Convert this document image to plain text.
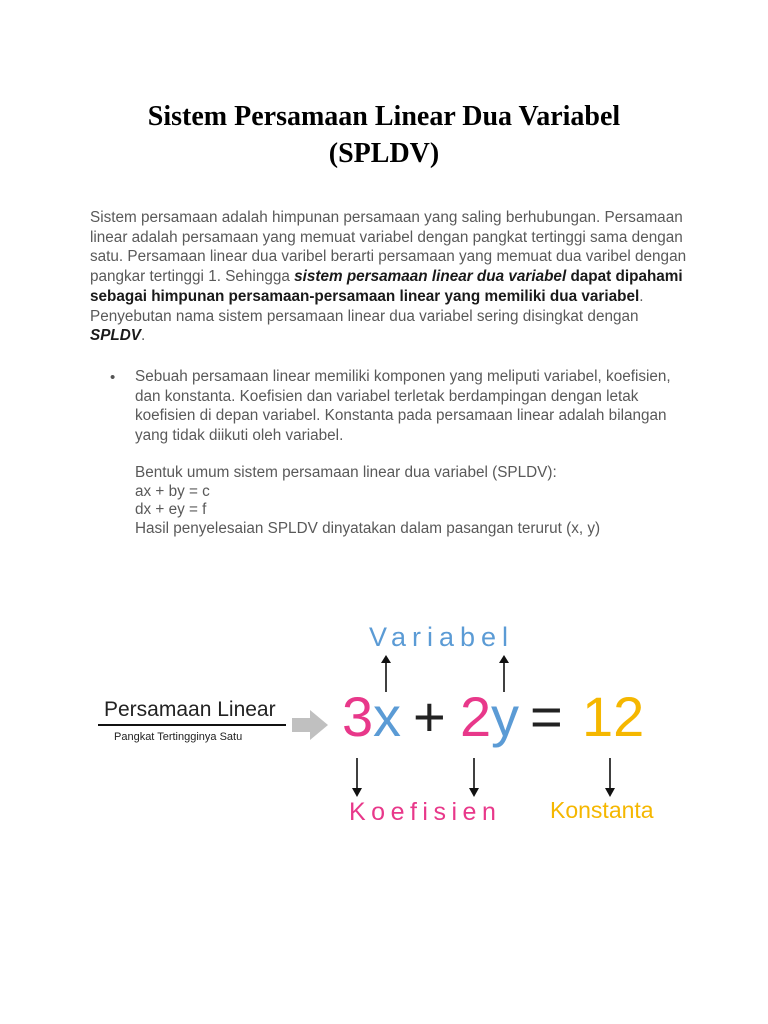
Sistem Persamaan Linear Dua Variabel
(SPLDV)

Sistem persamaan adalah himpunan persamaan yang saling berhubungan. Persamaan linear adalah persamaan yang memuat variabel dengan pangkat tertinggi sama dengan satu. Persamaan linear dua varibel berarti persamaan yang memuat dua varibel dengan pangkar tertinggi 1. Sehingga sistem persamaan linear dua variabel dapat dipahami sebagai himpunan persamaan-persamaan linear yang memiliki dua variabel. Penyebutan nama sistem persamaan linear dua variabel sering disingkat dengan SPLDV.

• Sebuah persamaan linear memiliki komponen yang meliputi variabel, koefisien, dan konstanta. Koefisien dan variabel terletak berdampingan dengan letak koefisien di depan variabel. Konstanta pada persamaan linear adalah bilangan yang tidak diikuti oleh variabel.

Bentuk umum sistem persamaan linear dua variabel (SPLDV):
ax + by = c
dx + ey = f
Hasil penyelesaian SPLDV dinyatakan dalam pasangan terurut (x, y)
Persamaan Linear
Pangkat Tertingginya Satu
Variabel
Koefisien Konstanta
3 x + 2 y = 12
